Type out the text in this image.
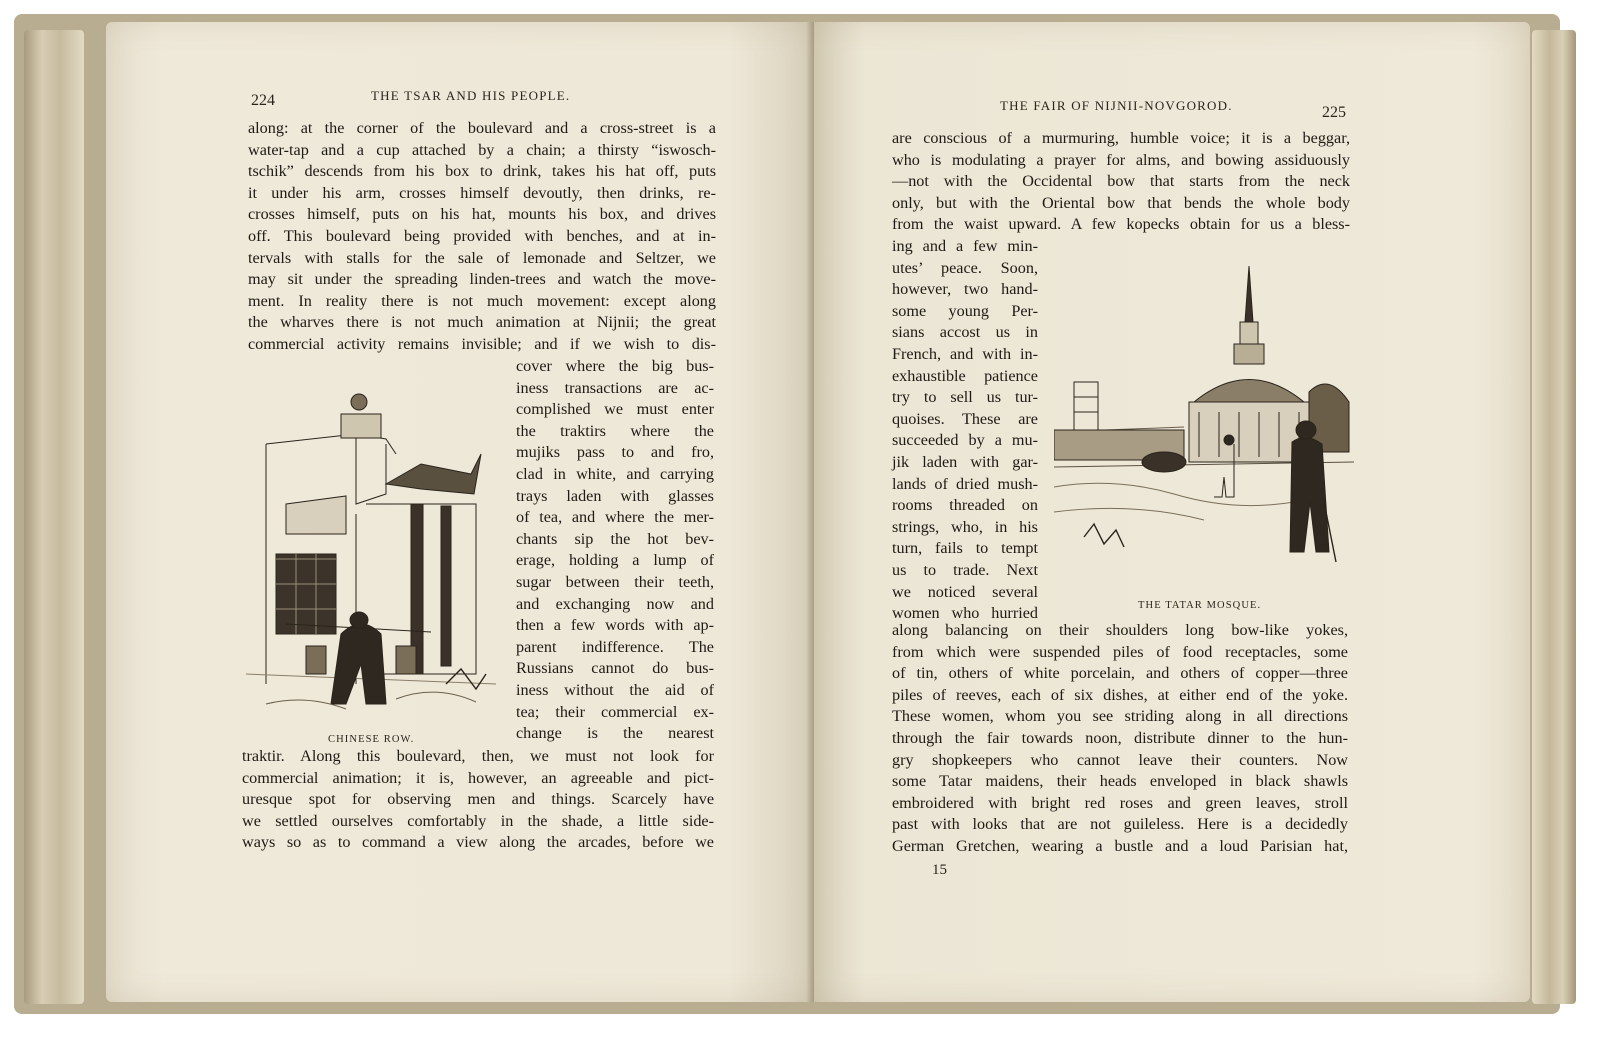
224	THE TSAR AND HIS PEOPLE.
along: at the corner of the boulevard and a cross-street is a
water-tap and a cup attached by a chain; a thirsty “iswosch-
tschik” descends from his box to drink, takes his hat off, puts
it under his arm, crosses himself devoutly, then drinks, re-
crosses himself, puts on his hat, mounts his box, and drives
off. This boulevard being provided with benches, and at in-
tervals with stalls for the sale of lemonade and Seltzer, we
may sit under the spreading linden-trees and watch the move-
ment. In reality there is not much movement: except along
the wharves there is not much animation at Nijnii; the great
commercial activity remains invisible; and if we wish to dis-
cover where the big bus-
iness transactions are ac-
complished we must enter
the traktirs where the
mujiks pass to and fro,
clad in white, and carrying
trays laden with glasses
of tea, and where the mer-
chants sip the hot bev-
erage, holding a lump of
sugar between their teeth,
and exchanging now and
then a few words with ap-
parent indifference. The
Russians cannot do bus-
iness without the aid of
tea; their commercial ex-
change is the nearest
traktir. Along this boulevard, then, we must not look for
commercial animation; it is, however, an agreeable and pict-
uresque spot for observing men and things. Scarcely have
we settled ourselves comfortably in the shade, a little side-
ways so as to command a view along the arcades, before we
CHINESE ROW.
THE FAIR OF NIJNII-NOVGOROD.	225
are conscious of a murmuring, humble voice; it is a beggar,
who is modulating a prayer for alms, and bowing assiduously
—not with the Occidental bow that starts from the neck
only, but with the Oriental bow that bends the whole body
from the waist upward. A few kopecks obtain for us a bless-
ing and a few min-
utes’ peace. Soon,
however, two hand-
some young Per-
sians accost us in
French, and with in-
exhaustible patience
try to sell us tur-
quoises. These are
succeeded by a mu-
jik laden with gar-
lands of dried mush-
rooms threaded on
strings, who, in his
turn, fails to tempt
us to trade. Next
we noticed several
women who hurried
along balancing on their shoulders long bow-like yokes,
from which were suspended piles of food receptacles, some
of tin, others of white porcelain, and others of copper—three
piles of reeves, each of six dishes, at either end of the yoke.
These women, whom you see striding along in all directions
through the fair towards noon, distribute dinner to the hun-
gry shopkeepers who cannot leave their counters. Now
some Tatar maidens, their heads enveloped in black shawls
embroidered with bright red roses and green leaves, stroll
past with looks that are not guileless. Here is a decidedly
German Gretchen, wearing a bustle and a loud Parisian hat,
THE TATAR MOSQUE.
15
